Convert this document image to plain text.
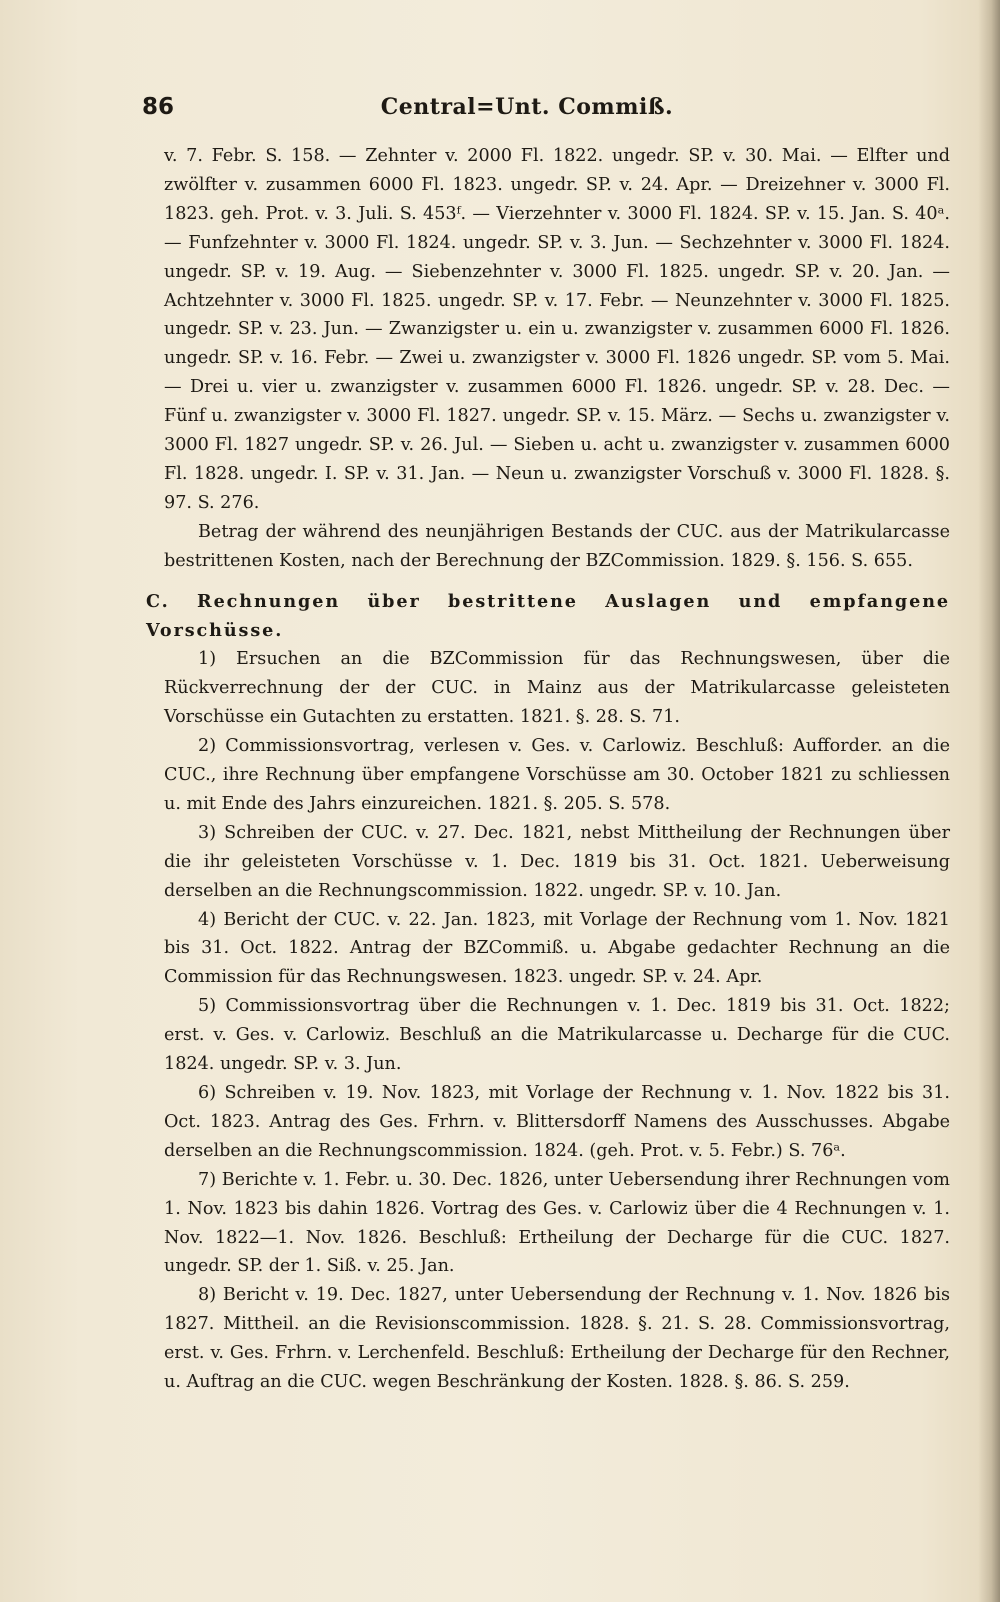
86	Central=Unt. Commiß.

v. 7. Febr. S. 158. — Zehnter v. 2000 Fl. 1822. ungedr. SP. v. 30. Mai. — Elfter und zwölfter v. zusammen 6000 Fl. 1823. ungedr. SP. v. 24. Apr. — Dreizehner v. 3000 Fl. 1823. geh. Prot. v. 3. Juli. S. 453ᶠ. — Vierzehnter v. 3000 Fl. 1824. SP. v. 15. Jan. S. 40ᵃ. — Funfzehnter v. 3000 Fl. 1824. ungedr. SP. v. 3. Jun. — Sechzehnter v. 3000 Fl. 1824. ungedr. SP. v. 19. Aug. — Siebenzehnter v. 3000 Fl. 1825. ungedr. SP. v. 20. Jan. — Achtzehnter v. 3000 Fl. 1825. ungedr. SP. v. 17. Febr. — Neunzehnter v. 3000 Fl. 1825. ungedr. SP. v. 23. Jun. — Zwanzigster u. ein u. zwanzigster v. zusammen 6000 Fl. 1826. ungedr. SP. v. 16. Febr. — Zwei u. zwanzigster v. 3000 Fl. 1826 ungedr. SP. vom 5. Mai. — Drei u. vier u. zwanzigster v. zusammen 6000 Fl. 1826. ungedr. SP. v. 28. Dec. — Fünf u. zwanzigster v. 3000 Fl. 1827. ungedr. SP. v. 15. März. — Sechs u. zwanzigster v. 3000 Fl. 1827 ungedr. SP. v. 26. Jul. — Sieben u. acht u. zwanzigster v. zusammen 6000 Fl. 1828. ungedr. I. SP. v. 31. Jan. — Neun u. zwanzigster Vorschuß v. 3000 Fl. 1828. §. 97. S. 276.

Betrag der während des neunjährigen Bestands der CUC. aus der Matrikularcasse bestrittenen Kosten, nach der Berechnung der BZCommission. 1829. §. 156. S. 655.

C. Rechnungen über bestrittene Auslagen und empfangene Vorschüsse.

1) Ersuchen an die BZCommission für das Rechnungswesen, über die Rückverrechnung der der CUC. in Mainz aus der Matrikularcasse geleisteten Vorschüsse ein Gutachten zu erstatten. 1821. §. 28. S. 71.

2) Commissionsvortrag, verlesen v. Ges. v. Carlowiz. Beschluß: Aufforder. an die CUC., ihre Rechnung über empfangene Vorschüsse am 30. October 1821 zu schliessen u. mit Ende des Jahrs einzureichen. 1821. §. 205. S. 578.

3) Schreiben der CUC. v. 27. Dec. 1821, nebst Mittheilung der Rechnungen über die ihr geleisteten Vorschüsse v. 1. Dec. 1819 bis 31. Oct. 1821. Ueberweisung derselben an die Rechnungscommission. 1822. ungedr. SP. v. 10. Jan.

4) Bericht der CUC. v. 22. Jan. 1823, mit Vorlage der Rechnung vom 1. Nov. 1821 bis 31. Oct. 1822. Antrag der BZCommiß. u. Abgabe gedachter Rechnung an die Commission für das Rechnungswesen. 1823. ungedr. SP. v. 24. Apr.

5) Commissionsvortrag über die Rechnungen v. 1. Dec. 1819 bis 31. Oct. 1822; erst. v. Ges. v. Carlowiz. Beschluß an die Matrikularcasse u. Decharge für die CUC. 1824. ungedr. SP. v. 3. Jun.

6) Schreiben v. 19. Nov. 1823, mit Vorlage der Rechnung v. 1. Nov. 1822 bis 31. Oct. 1823. Antrag des Ges. Frhrn. v. Blittersdorff Namens des Ausschusses. Abgabe derselben an die Rechnungscommission. 1824. (geh. Prot. v. 5. Febr.) S. 76ᵃ.

7) Berichte v. 1. Febr. u. 30. Dec. 1826, unter Uebersendung ihrer Rechnungen vom 1. Nov. 1823 bis dahin 1826. Vortrag des Ges. v. Carlowiz über die 4 Rechnungen v. 1. Nov. 1822—1. Nov. 1826. Beschluß: Ertheilung der Decharge für die CUC. 1827. ungedr. SP. der 1. Siß. v. 25. Jan.

8) Bericht v. 19. Dec. 1827, unter Uebersendung der Rechnung v. 1. Nov. 1826 bis 1827. Mittheil. an die Revisionscommission. 1828. §. 21. S. 28. Commissionsvortrag, erst. v. Ges. Frhrn. v. Lerchenfeld. Beschluß: Ertheilung der Decharge für den Rechner, u. Auftrag an die CUC. wegen Beschränkung der Kosten. 1828. §. 86. S. 259.
